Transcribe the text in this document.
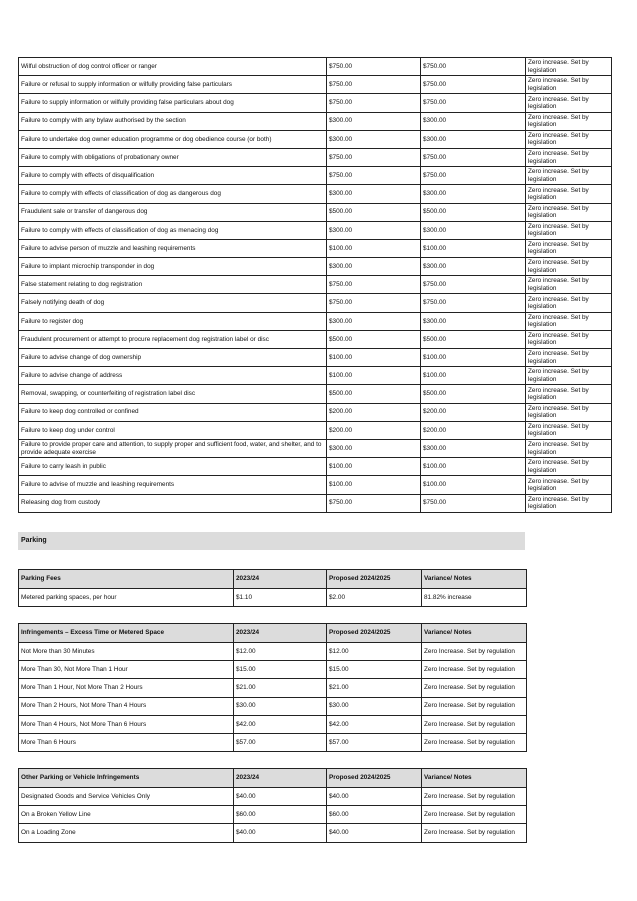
Wilful obstruction of dog control officer or ranger	$750.00	$750.00	Zero increase. Set by legislation
Failure or refusal to supply information or wilfully providing false particulars	$750.00	$750.00	Zero increase. Set by legislation
Failure to supply information or wilfully providing false particulars about dog	$750.00	$750.00	Zero increase. Set by legislation
Failure to comply with any bylaw authorised by the section	$300.00	$300.00	Zero increase. Set by legislation
Failure to undertake dog owner education programme or dog obedience course (or both)	$300.00	$300.00	Zero increase. Set by legislation
Failure to comply with obligations of probationary owner	$750.00	$750.00	Zero increase. Set by legislation
Failure to comply with effects of disqualification	$750.00	$750.00	Zero increase. Set by legislation
Failure to comply with effects of classification of dog as dangerous dog	$300.00	$300.00	Zero increase. Set by legislation
Fraudulent sale or transfer of dangerous dog	$500.00	$500.00	Zero increase. Set by legislation
Failure to comply with effects of classification of dog as menacing dog	$300.00	$300.00	Zero increase. Set by legislation
Failure to advise person of muzzle and leashing requirements	$100.00	$100.00	Zero increase. Set by legislation
Failure to implant microchip transponder in dog	$300.00	$300.00	Zero increase. Set by legislation
False statement relating to dog registration	$750.00	$750.00	Zero increase. Set by legislation
Falsely notifying death of dog	$750.00	$750.00	Zero increase. Set by legislation
Failure to register dog	$300.00	$300.00	Zero increase. Set by legislation
Fraudulent procurement or attempt to procure replacement dog registration label or disc	$500.00	$500.00	Zero increase. Set by legislation
Failure to advise change of dog ownership	$100.00	$100.00	Zero increase. Set by legislation
Failure to advise change of address	$100.00	$100.00	Zero increase. Set by legislation
Removal, swapping, or counterfeiting of registration label disc	$500.00	$500.00	Zero increase. Set by legislation
Failure to keep dog controlled or confined	$200.00	$200.00	Zero increase. Set by legislation
Failure to keep dog under control	$200.00	$200.00	Zero increase. Set by legislation
Failure to provide proper care and attention, to supply proper and sufficient food, water, and shelter, and to provide adequate exercise	$300.00	$300.00	Zero increase. Set by legislation
Failure to carry leash in public	$100.00	$100.00	Zero increase. Set by legislation
Failure to advise of muzzle and leashing requirements	$100.00	$100.00	Zero increase. Set by legislation
Releasing dog from custody	$750.00	$750.00	Zero increase. Set by legislation
Parking
Parking Fees	2023/24	Proposed 2024/2025	Variance/ Notes
Metered parking spaces, per hour	$1.10	$2.00	81.82% increase
Infringements – Excess Time or Metered Space	2023/24	Proposed 2024/2025	Variance/ Notes
Not More than 30 Minutes	$12.00	$12.00	Zero Increase. Set by regulation
More Than 30, Not More Than 1 Hour	$15.00	$15.00	Zero Increase. Set by regulation
More Than 1 Hour, Not More Than 2 Hours	$21.00	$21.00	Zero Increase. Set by regulation
More Than 2 Hours, Not More Than 4 Hours	$30.00	$30.00	Zero Increase. Set by regulation
More Than 4 Hours, Not More Than 6 Hours	$42.00	$42.00	Zero Increase. Set by regulation
More Than 6 Hours	$57.00	$57.00	Zero Increase. Set by regulation
Other Parking or Vehicle Infringements	2023/24	Proposed 2024/2025	Variance/ Notes
Designated Goods and Service Vehicles Only	$40.00	$40.00	Zero Increase. Set by regulation
On a Broken Yellow Line	$60.00	$60.00	Zero Increase. Set by regulation
On a Loading Zone	$40.00	$40.00	Zero Increase. Set by regulation
